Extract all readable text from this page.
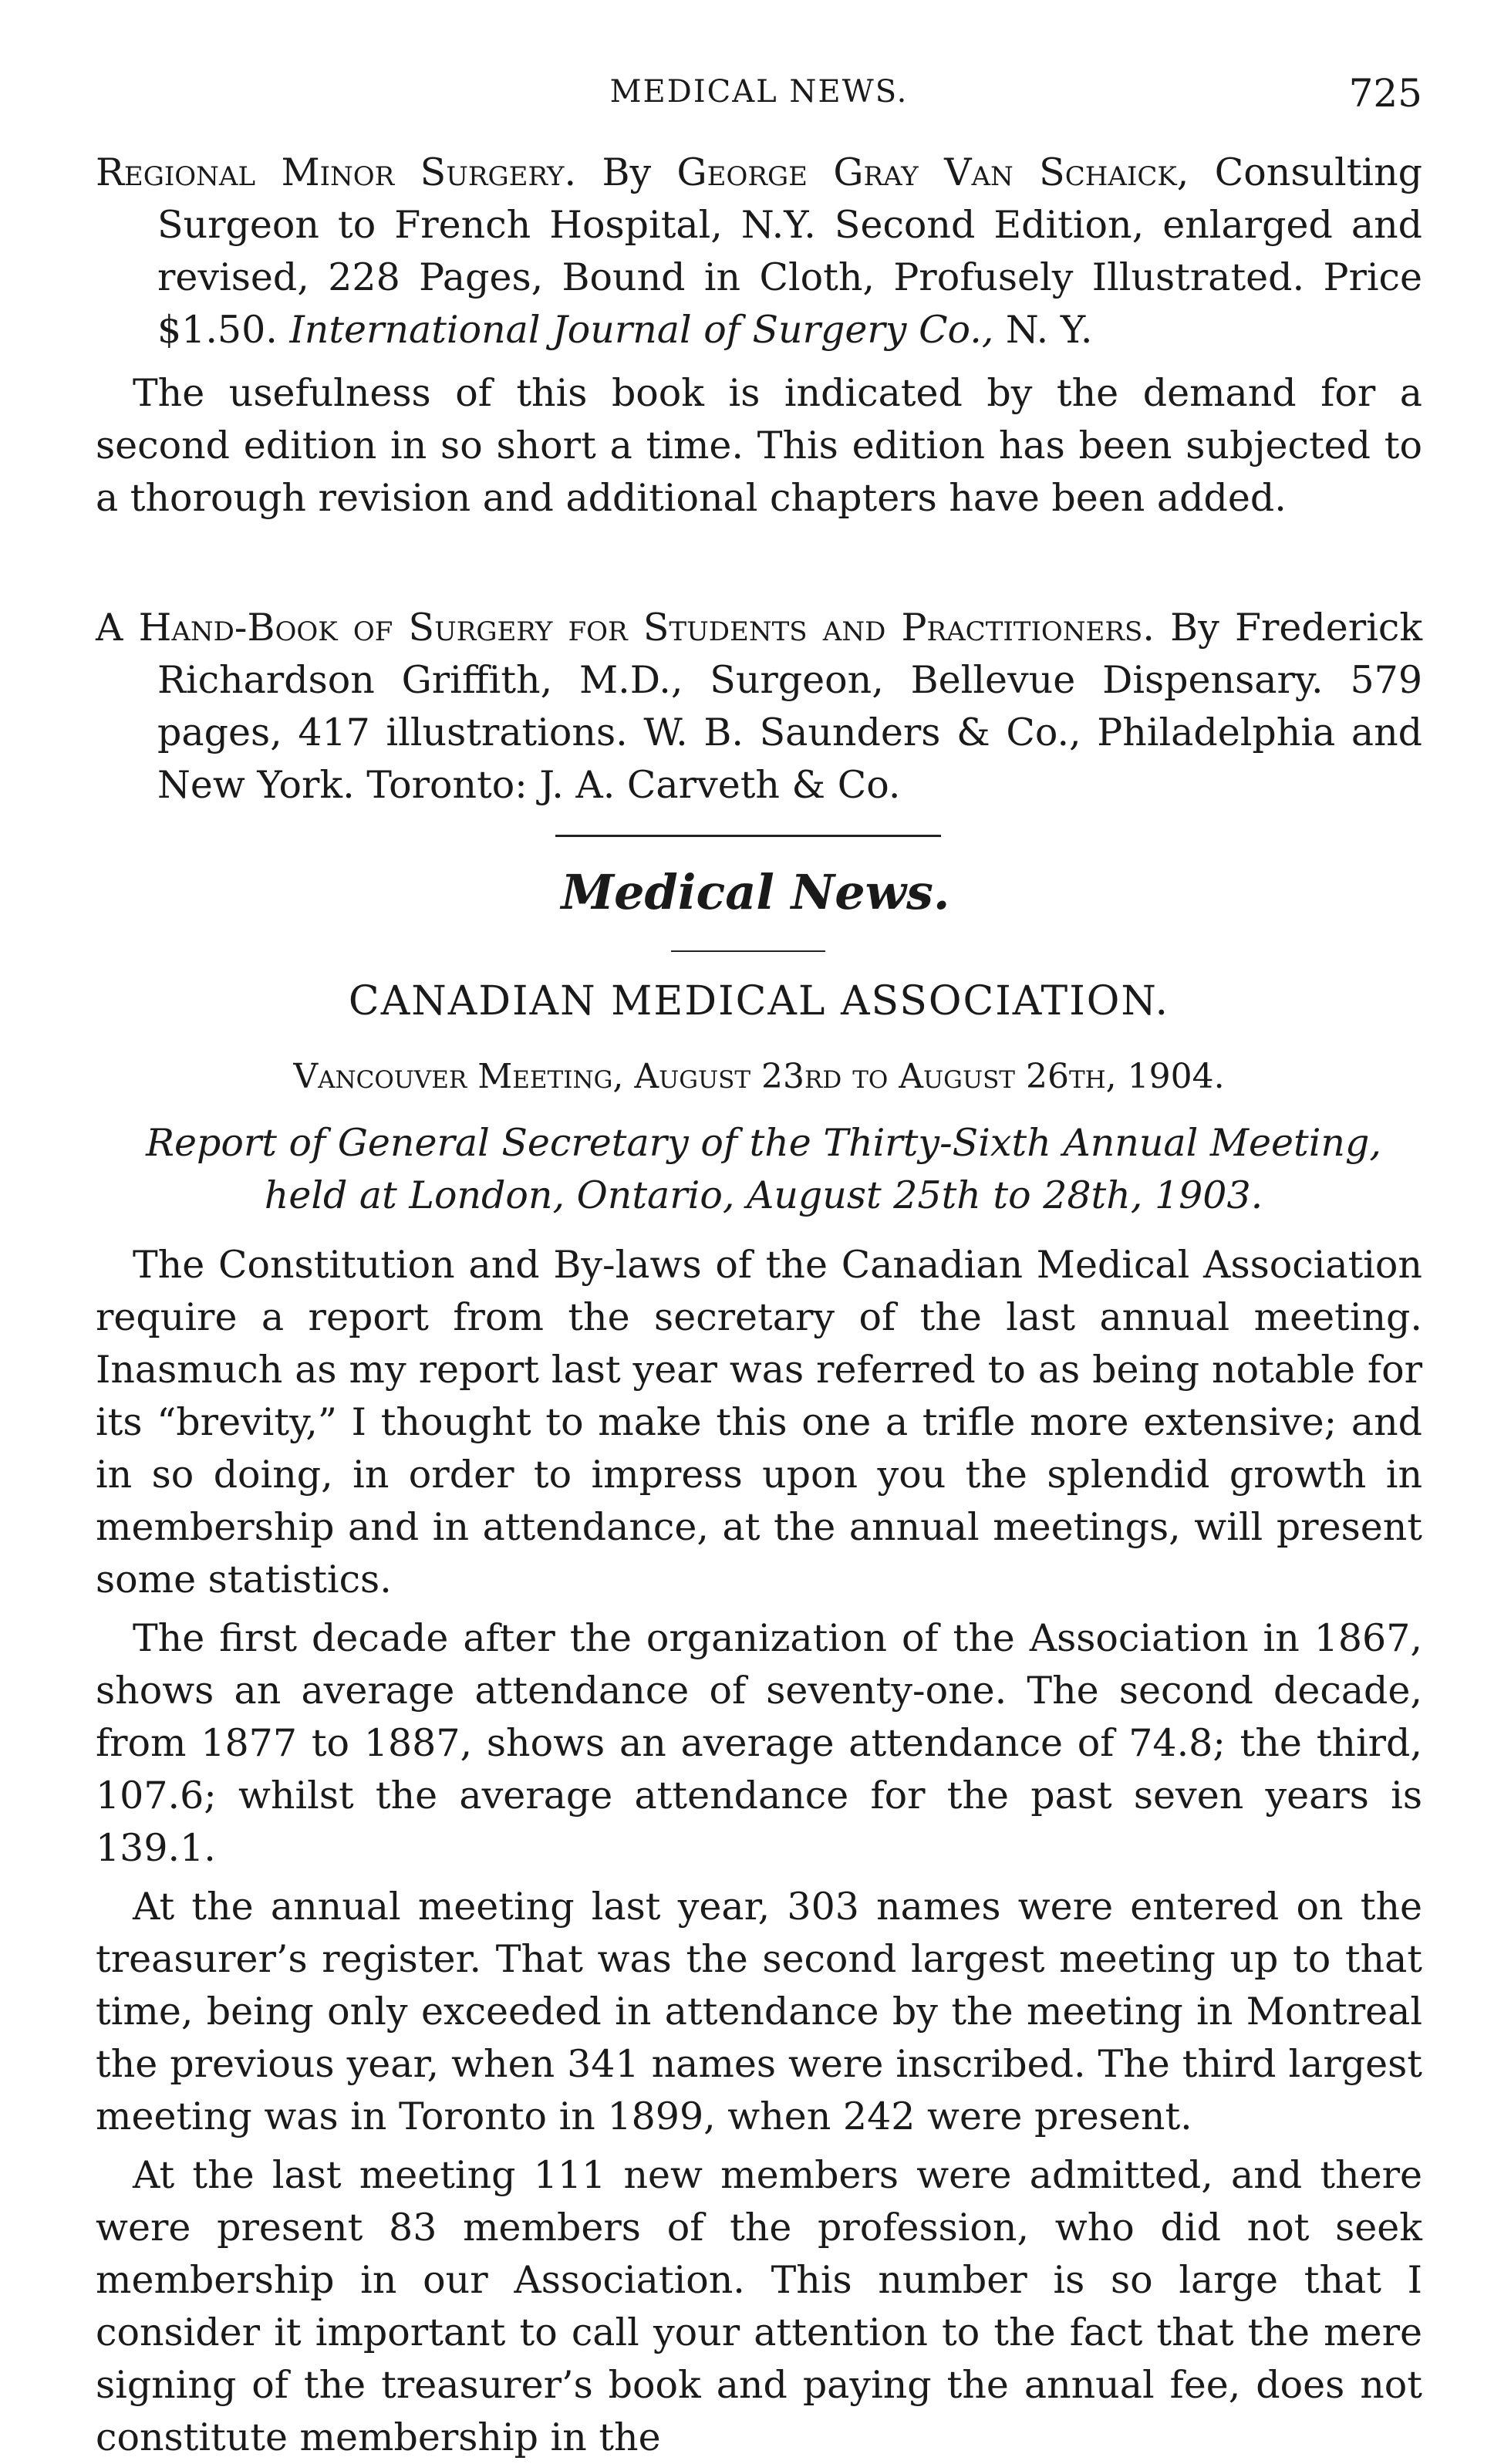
MEDICAL NEWS.	725

Regional Minor Surgery. By George Gray Van Schaick, Consulting Surgeon to French Hospital, N.Y. Second Edition, enlarged and revised, 228 Pages, Bound in Cloth, Profusely Illustrated. Price $1.50. International Journal of Surgery Co., N. Y.

The usefulness of this book is indicated by the demand for a second edition in so short a time. This edition has been subjected to a thorough revision and additional chapters have been added.

A Hand-Book of Surgery for Students and Practitioners. By Frederick Richardson Griffith, M.D., Surgeon, Bellevue Dispensary. 579 pages, 417 illustrations. W. B. Saunders & Co., Philadelphia and New York. Toronto: J. A. Carveth & Co.

Medical News.
CANADIAN MEDICAL ASSOCIATION.
Vancouver Meeting, August 23rd to August 26th, 1904.
Report of General Secretary of the Thirty-Sixth Annual Meeting, held at London, Ontario, August 25th to 28th, 1903.

The Constitution and By-laws of the Canadian Medical Association require a report from the secretary of the last annual meeting. Inasmuch as my report last year was referred to as being notable for its “brevity,” I thought to make this one a trifle more extensive; and in so doing, in order to impress upon you the splendid growth in membership and in attendance, at the annual meetings, will present some statistics.

The first decade after the organization of the Association in 1867, shows an average attendance of seventy-one. The second decade, from 1877 to 1887, shows an average attendance of 74.8; the third, 107.6; whilst the average attendance for the past seven years is 139.1.

At the annual meeting last year, 303 names were entered on the treasurer’s register. That was the second largest meeting up to that time, being only exceeded in attendance by the meeting in Montreal the previous year, when 341 names were inscribed. The third largest meeting was in Toronto in 1899, when 242 were present.

At the last meeting 111 new members were admitted, and there were present 83 members of the profession, who did not seek membership in our Association. This number is so large that I consider it important to call your attention to the fact that the mere signing of the treasurer’s book and paying the annual fee, does not constitute membership in the
